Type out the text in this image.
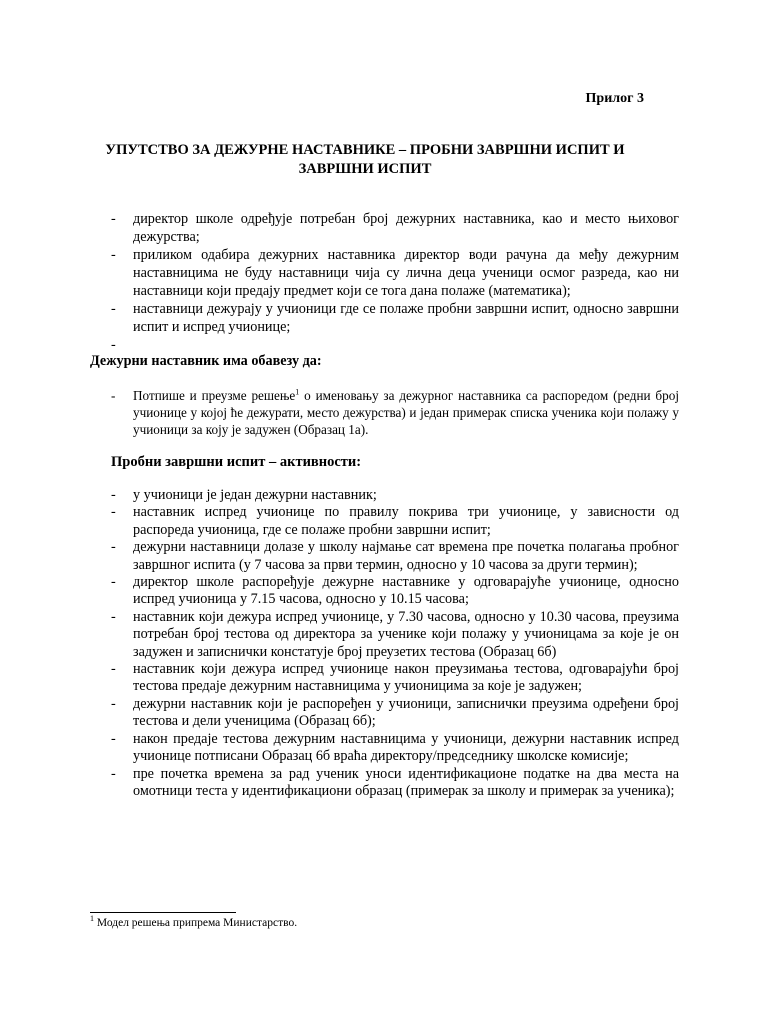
Прилог 3
УПУТСТВО ЗА ДЕЖУРНЕ НАСТАВНИКЕ – ПРОБНИ ЗАВРШНИ ИСПИТ И
ЗАВРШНИ ИСПИТ
- директор школе одређује потребан број дежурних наставника, као и место њиховог дежурства;
- приликом одабира дежурних наставника директор води рачуна да међу дежурним наставницима не буду наставници чија су лична деца ученици осмог разреда, као ни наставници који предају предмет који се тога дана полаже (математика);
- наставници дежурају у учионици где се полаже пробни завршни испит, односно завршни испит и испред учионице;
-
Дежурни наставник има обавезу да:
- Потпише и преузме решење$^1$ о именовању за дежурног наставника са распоредом (редни број учионице у којој ће дежурати, место дежурства) и један примерак списка ученика који полажу у учионици за коју је задужен (Образац 1а).
Пробни завршни испит – активности:
- у учионици је један дежурни наставник;
- наставник испред учионице по правилу покрива три учионице, у зависности од распореда учионица, где се полаже пробни завршни испит;
- дежурни наставници долазе у школу најмање сат времена пре почетка полагања пробног завршног испита (у 7 часова за први термин, односно у 10 часова за други термин);
- директор школе распоређује дежурне наставнике у одговарајуће учионице, односно испред учионица у 7.15 часова, односно у 10.15 часова;
- наставник који дежура испред учионице, у 7.30 часова, односно у 10.30 часова, преузима потребан број тестова од директора за ученике који полажу у учионицама за које је он задужен и записнички констатује број преузетих тестова (Образац 6б)
- наставник који дежура испред учионице након преузимања тестова, одговарајући број тестова предаје дежурним наставницима у учионицима за које је задужен;
- дежурни наставник који је распоређен у учионици, записнички преузима одређени број тестова и дели ученицима (Образац 6б);
- након предаје тестова дежурним наставницима у учионици, дежурни наставник испред учионице потписани Образац 6б враћа директору/председнику школске комисије;
- пре почетка времена за рад ученик уноси идентификационе податке на два места на омотници теста у идентификациони образац (примерак за школу и примерак за ученика);
$^1$ Модел решења припрема Министарство.
